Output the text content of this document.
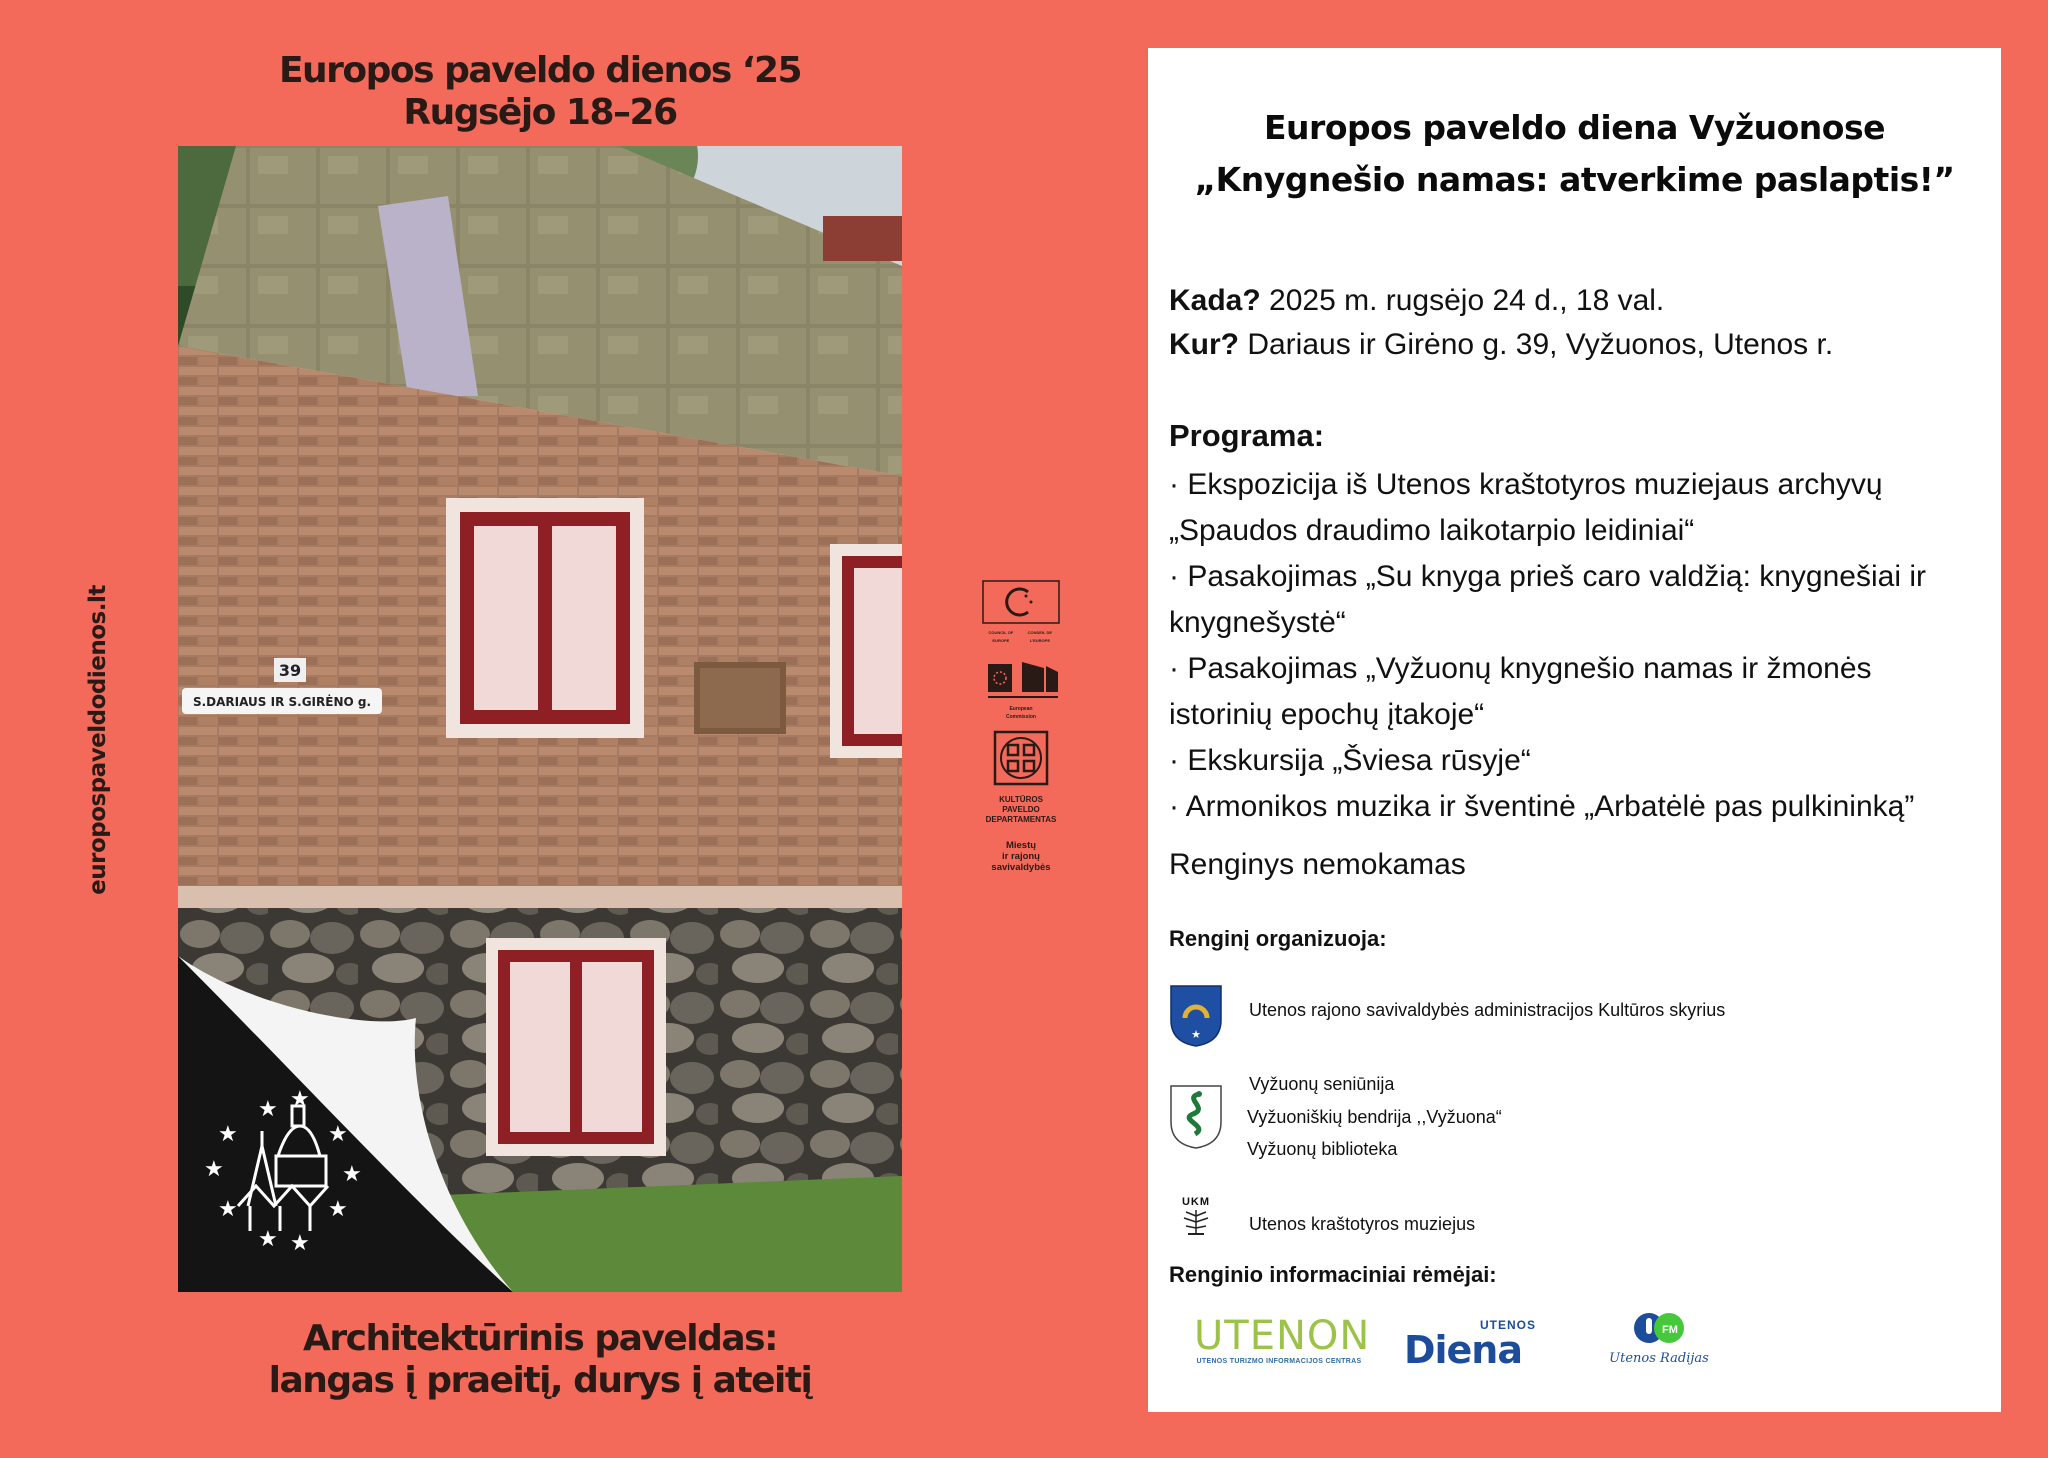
Europos paveldo dienos ‘25
Rugsėjo 18–26
europospaveldodienos.lt	39
S.DARIAUS IR S.GIRĖNO g.
★ ★
★	★
★	★
★	★
★ ★
Architektūrinis paveldas:
langas į praeitį, durys į ateitį
COUNCIL OF EUROPE
CONSEIL DE L'EUROPE
European Commission
KULTŪROS
PAVELDO
DEPARTAMENTAS
Miestų
ir rajonų
savivaldybės
Europos paveldo diena Vyžuonose
„Knygnešio namas: atverkime paslaptis!”
Kada? 2025 m. rugsėjo 24 d., 18 val.
Kur? Dariaus ir Girėno g. 39, Vyžuonos, Utenos r.
Programa:
· Ekspozicija iš Utenos kraštotyros muziejaus archyvų
„Spaudos draudimo laikotarpio leidiniai“
· Pasakojimas „Su knyga prieš caro valdžią: knygnešiai ir
knygnešystė“
· Pasakojimas „Vyžuonų knygnešio namas ir žmonės
istorinių epochų įtakoje“
· Ekskursija „Šviesa rūsyje“
· Armonikos muzika ir šventinė „Arbatėlė pas pulkininką”
Renginys nemokamas
Renginį organizuoja:
★
Utenos rajono savivaldybės administracijos Kultūros skyrius
Vyžuonų seniūnija
Vyžuoniškių bendrija ,,Vyžuona“
Vyžuonų biblioteka
UKM
Utenos kraštotyros muziejus
Renginio informaciniai rėmėjai:
UTENON
UTENOS TURIZMO INFORMACIJOS CENTRAS
UTENOS
Diena	FM
Utenos Radijas
